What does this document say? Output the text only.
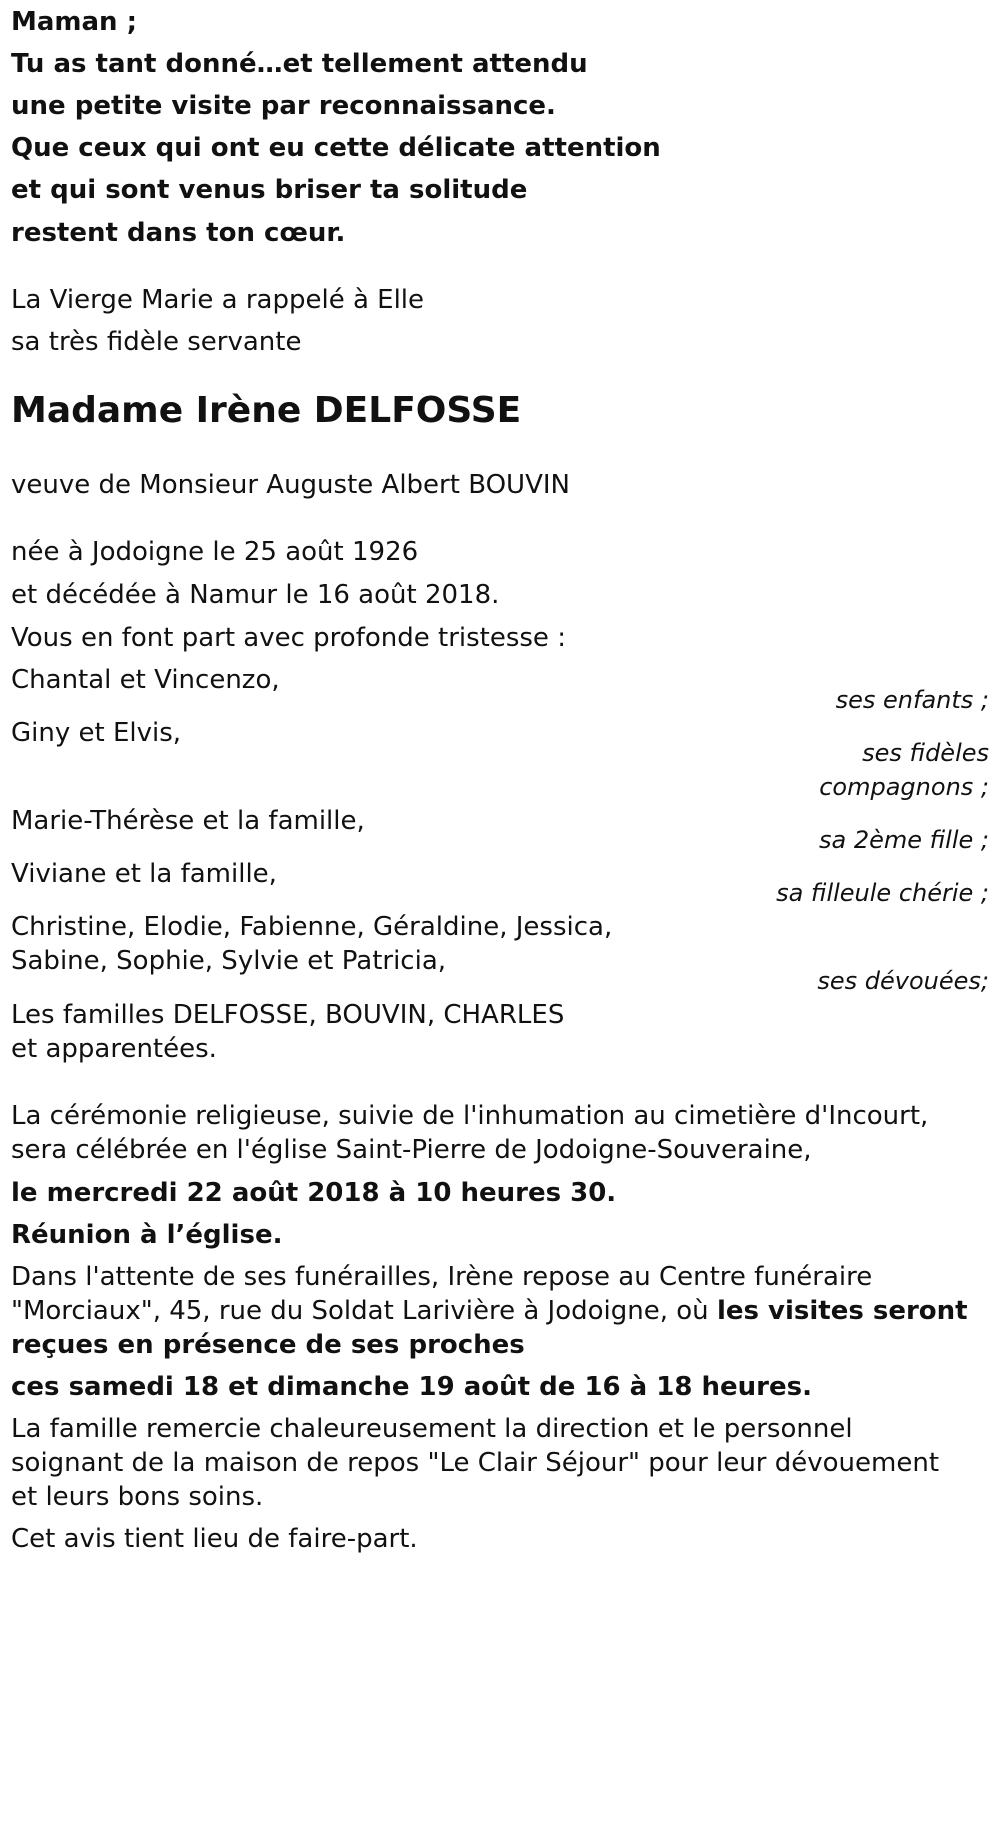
Maman ;
Tu as tant donné…et tellement attendu
une petite visite par reconnaissance.
Que ceux qui ont eu cette délicate attention
et qui sont venus briser ta solitude
restent dans ton cœur.
La Vierge Marie a rappelé à Elle
sa très fidèle servante
Madame Irène DELFOSSE
veuve de Monsieur Auguste Albert BOUVIN
née à Jodoigne le 25 août 1926
et décédée à Namur le 16 août 2018.
Vous en font part avec profonde tristesse :
Chantal et Vincenzo,
ses enfants ;
Giny et Elvis,
ses fidèles
compagnons ;
Marie-Thérèse et la famille,
sa 2ème fille ;
Viviane et la famille,
sa filleule chérie ;
Christine, Elodie, Fabienne, Géraldine, Jessica,
Sabine, Sophie, Sylvie et Patricia,
ses dévouées;
Les familles DELFOSSE, BOUVIN, CHARLES
et apparentées.
La cérémonie religieuse, suivie de l'inhumation au cimetière d'Incourt,
sera célébrée en l'église Saint-Pierre de Jodoigne-Souveraine,
le mercredi 22 août 2018 à 10 heures 30.
Réunion à l’église.
Dans l'attente de ses funérailles, Irène repose au Centre funéraire
"Morciaux", 45, rue du Soldat Larivière à Jodoigne, où les visites seront
reçues en présence de ses proches
ces samedi 18 et dimanche 19 août de 16 à 18 heures.
La famille remercie chaleureusement la direction et le personnel
soignant de la maison de repos "Le Clair Séjour" pour leur dévouement
et leurs bons soins.
Cet avis tient lieu de faire-part.
